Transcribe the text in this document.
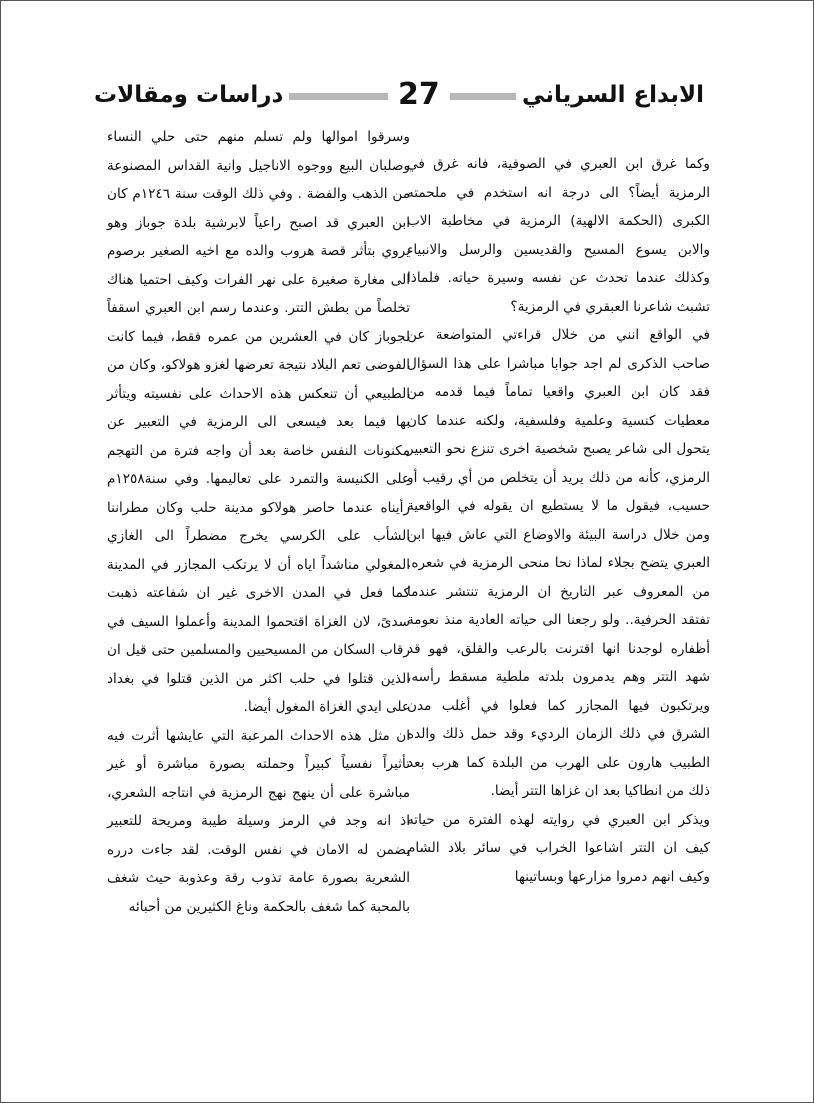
الابداع السرياني
27
دراسات ومقالات

وكما غرق ابن العبري في الصوفية، فانه غرق في الرمزية أيضاً؟ الى درجة انه استخدم في ملحمته الكبرى (الحكمة الالهية) الرمزية في مخاطبة الاب والابن يسوع المسيح والقديسين والرسل والانبياء وكذلك عندما تحدث عن نفسه وسيرة حياته. فلماذا تشبث شاعرنا العبقري في الرمزية؟

في الواقع انني من خلال قراءتي المتواضعة عن صاحب الذكرى لم اجد جوابا مباشرا على هذا السؤال فقد كان ابن العبري واقعيا تماماً فيما قدمه من معطيات كنسية وعلمية وفلسفية، ولكنه عندما كان يتحول الى شاعر يصبح شخصية اخرى تنزع نحو التعبير الرمزي، كأنه من ذلك يريد أن يتخلص من أي رقيب أو حسيب، فيقول ما لا يستطيع ان يقوله في الواقعية ومن خلال دراسة البيئة والاوضاع التي عاش فيها ابن العبري يتضح بجلاء لماذا نحا منحى الرمزية في شعره. من المعروف عبر التاريخ ان الرمزية تنتشر عندما تفتقد الحرفية.. ولو رجعنا الى حياته العادية منذ نعومة أظفاره لوجدنا انها اقترنت بالرعب والقلق، فهو قد شهد التتر وهم يدمرون بلدته ملطية مسقط رأسه، ويرتكبون فيها المجازر كما فعلوا في أغلب مدن الشرق في ذلك الزمان الرديء وقد حمل ذلك والده الطبيب هارون على الهرب من البلدة كما هرب بعد ذلك من انطاكيا بعد ان غزاها التتر أيضا.

ويذكر ابن العبري في روايته لهذه الفترة من حياته كيف ان التتر اشاعوا الخراب في سائر بلاد الشام وكيف انهم دمروا مزارعها وبساتينها

وسرقوا اموالها ولم تسلم منهم حتى حلي النساء وصلبان البيع ووجوه الاناجيل وانية القداس المصنوعة من الذهب والفضة . وفي ذلك الوقت سنة ١٢٤٦م كان ابن العبري قد اصبح راعياً لابرشية بلدة جوباز وهو يروي بتأثر قصة هروب والده مع اخيه الصغير برصوم الى مغارة صغيرة على نهر الفرات وكيف احتميا هناك تخلصاً من بطش التتر. وعندما رسم ابن العبري اسقفاً لجوباز كان في العشرين من عمره فقط، فيما كانت الفوضى تعم البلاد نتيجة تعرضها لغزو هولاكو، وكان من الطبيعي أن تنعكس هذه الاحداث على نفسيته ويتأثر بها فيما بعد فيسعى الى الرمزية في التعبير عن مكنونات النفس خاصة بعد أن واجه فترة من التهجم على الكنيسة والتمرد على تعاليمها. وفي سنة١٢٥٨م رأيناه عندما حاصر هولاكو مدينة حلب وكان مطراننا الشأب على الكرسي يخرج مضطراً الى الغازي المغولي مناشداً اياه أن لا يرتكب المجازر في المدينة كما فعل في المدن الاخرى غير ان شفاعته ذهبت سدىً، لان الغزاة اقتحموا المدينة وأعملوا السيف في رقاب السكان من المسيحيين والمسلمين حتى قيل ان الذين قتلوا في حلب اكثر من الذين قتلوا في بغداد على ايدي الغزاة المغول أيضا.

ان مثل هذه الاحداث المرعبة التي عايشها أثرت فيه تأثيراً نفسياً كبيراً وحملته بصورة مباشرة أو غير مباشرة على أن ينهج نهج الرمزية في انتاجه الشعري، اذ انه وجد في الرمز وسيلة طيبة ومريحة للتعبير يضمن له الامان في نفس الوقت. لقد جاءت درره الشعرية بصورة عامة تذوب رقة وعذوبة حيث شغف بالمحبة كما شغف بالحكمة وناغ الكثيرين من أحبائه
